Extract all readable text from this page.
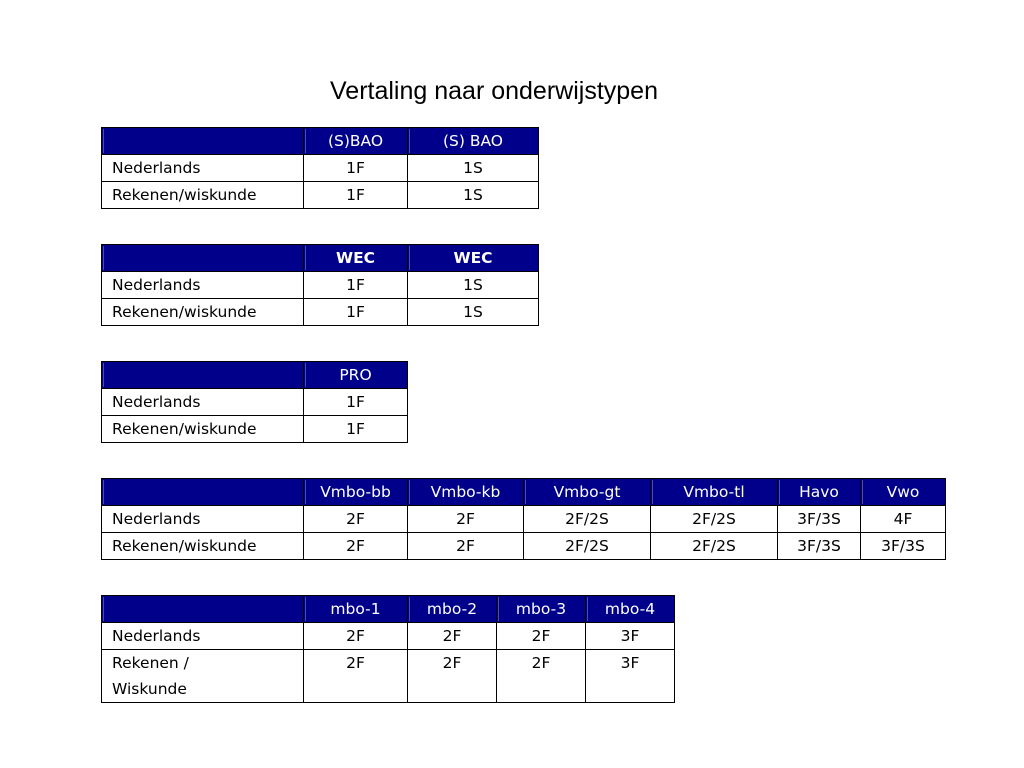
Vertaling naar onderwijstypen
	(S)BAO	(S) BAO
Nederlands	1F	1S
Rekenen/wiskunde	1F	1S
	WEC	WEC
Nederlands	1F	1S
Rekenen/wiskunde	1F	1S
	PRO
Nederlands	1F
Rekenen/wiskunde	1F
	Vmbo-bb	Vmbo-kb	Vmbo-gt	Vmbo-tl	Havo	Vwo
Nederlands	2F	2F	2F/2S	2F/2S	3F/3S	4F
Rekenen/wiskunde	2F	2F	2F/2S	2F/2S	3F/3S	3F/3S
	mbo-1	mbo-2	mbo-3	mbo-4
Nederlands	2F	2F	2F	3F
Rekenen / Wiskunde	2F	2F	2F	3F
